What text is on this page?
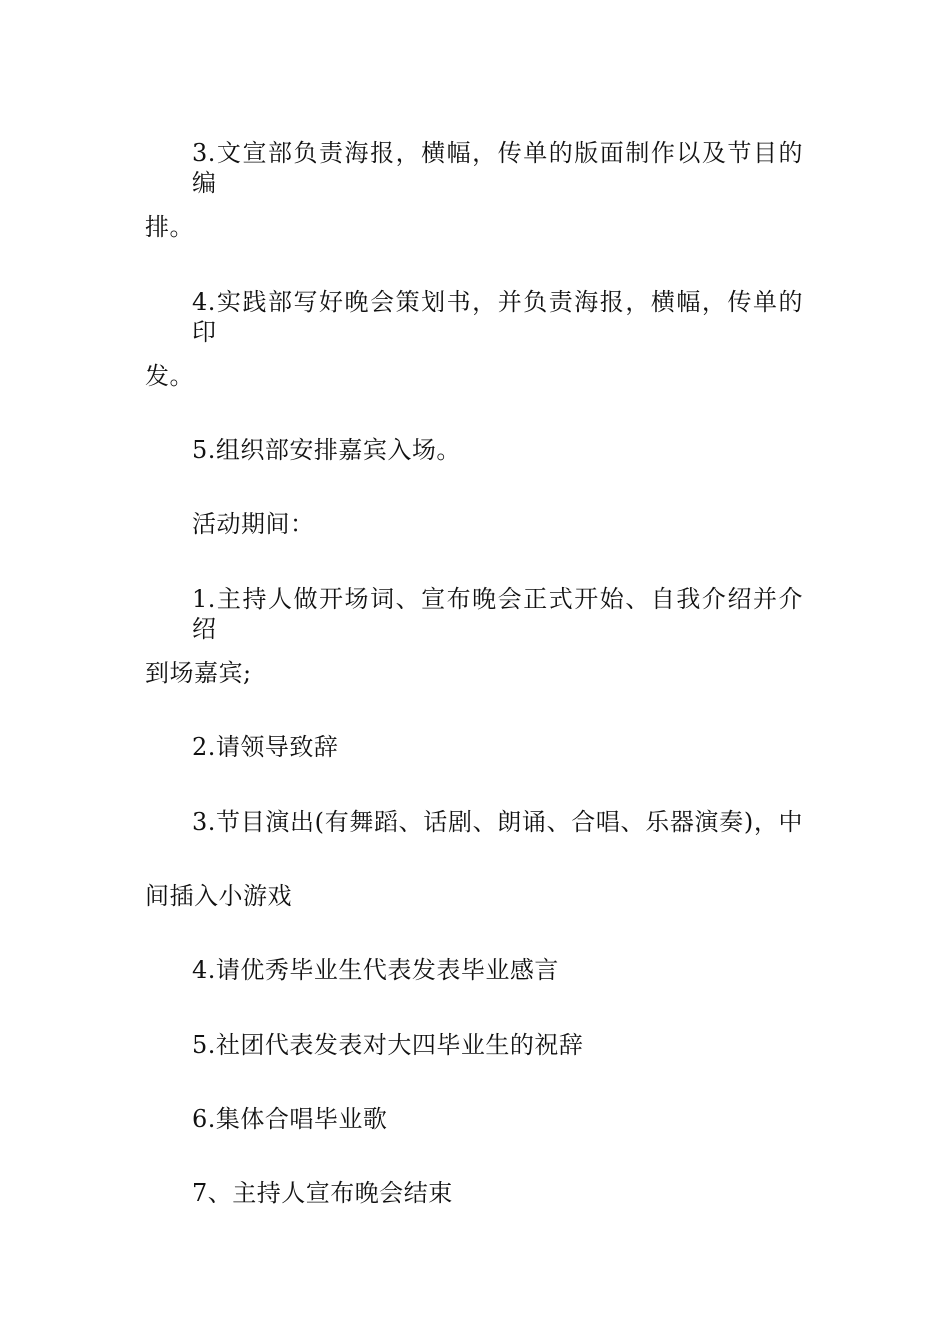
3.文宣部负责海报，横幅，传单的版面制作以及节目的编
排。
4.实践部写好晚会策划书，并负责海报，横幅，传单的印
发。
5.组织部安排嘉宾入场。
活动期间：
1.主持人做开场词、宣布晚会正式开始、自我介绍并介绍
到场嘉宾;
2.请领导致辞
3.节目演出(有舞蹈、话剧、朗诵、合唱、乐器演奏)，中
间插入小游戏
4.请优秀毕业生代表发表毕业感言
5.社团代表发表对大四毕业生的祝辞
6.集体合唱毕业歌
7、主持人宣布晚会结束
